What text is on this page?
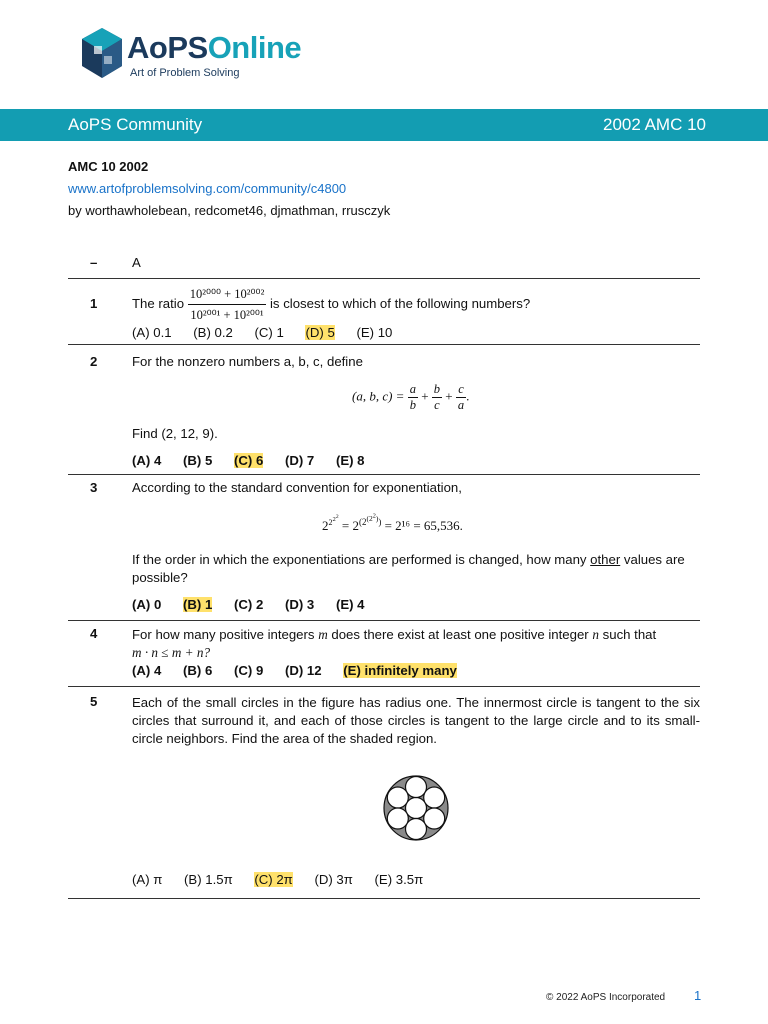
AoPSOnline
Art of Problem Solving
AoPS Community	2002 AMC 10
AMC 10 2002
www.artofproblemsolving.com/community/c4800
by worthawholebean, redcomet46, djmathman, rrusczyk
–	A
1	The ratio $\frac{\text{10²⁰⁰⁰ + 10²⁰⁰²}}{\text{10²⁰⁰¹ + 10²⁰⁰¹}}$ is closest to which of the following numbers?
(A) 0.1 (B) 0.2 (C) 1 (D) 5 (E) 10
2	For the nonzero numbers a, b, c, define
(a, b, $c) = \frac{a}{b} + \frac{b}{c} + \frac{c}{a}$ .
Find (2, 12, 9).
(A) 4 (B) 5 (C) 6 (D) 7 (E) 8
3	According to the standard convention for exponentiation,
$2^{2^{2^2}} = 2^{(2^{(2^2)})} = 2^{16} = 65,536$.
If the order in which the exponentiations are performed is changed, how many other values are possible?
(A) 0 (B) 1 (C) 2 (D) 3 (E) 4
4	For how many positive integers m does there exist at least one positive integer n such that
m · n ≤ m + n?
(A) 4 (B) 6 (C) 9 (D) 12 (E) infinitely many
5	Each of the small circles in the figure has radius one. The innermost circle is tangent to the six circles that surround it, and each of those circles is tangent to the large circle and to its small-circle neighbors. Find the area of the shaded region.
(A) π (B) 1.5π (C) 2π (D) 3π (E) 3.5π
© 2022 AoPS Incorporated 1
